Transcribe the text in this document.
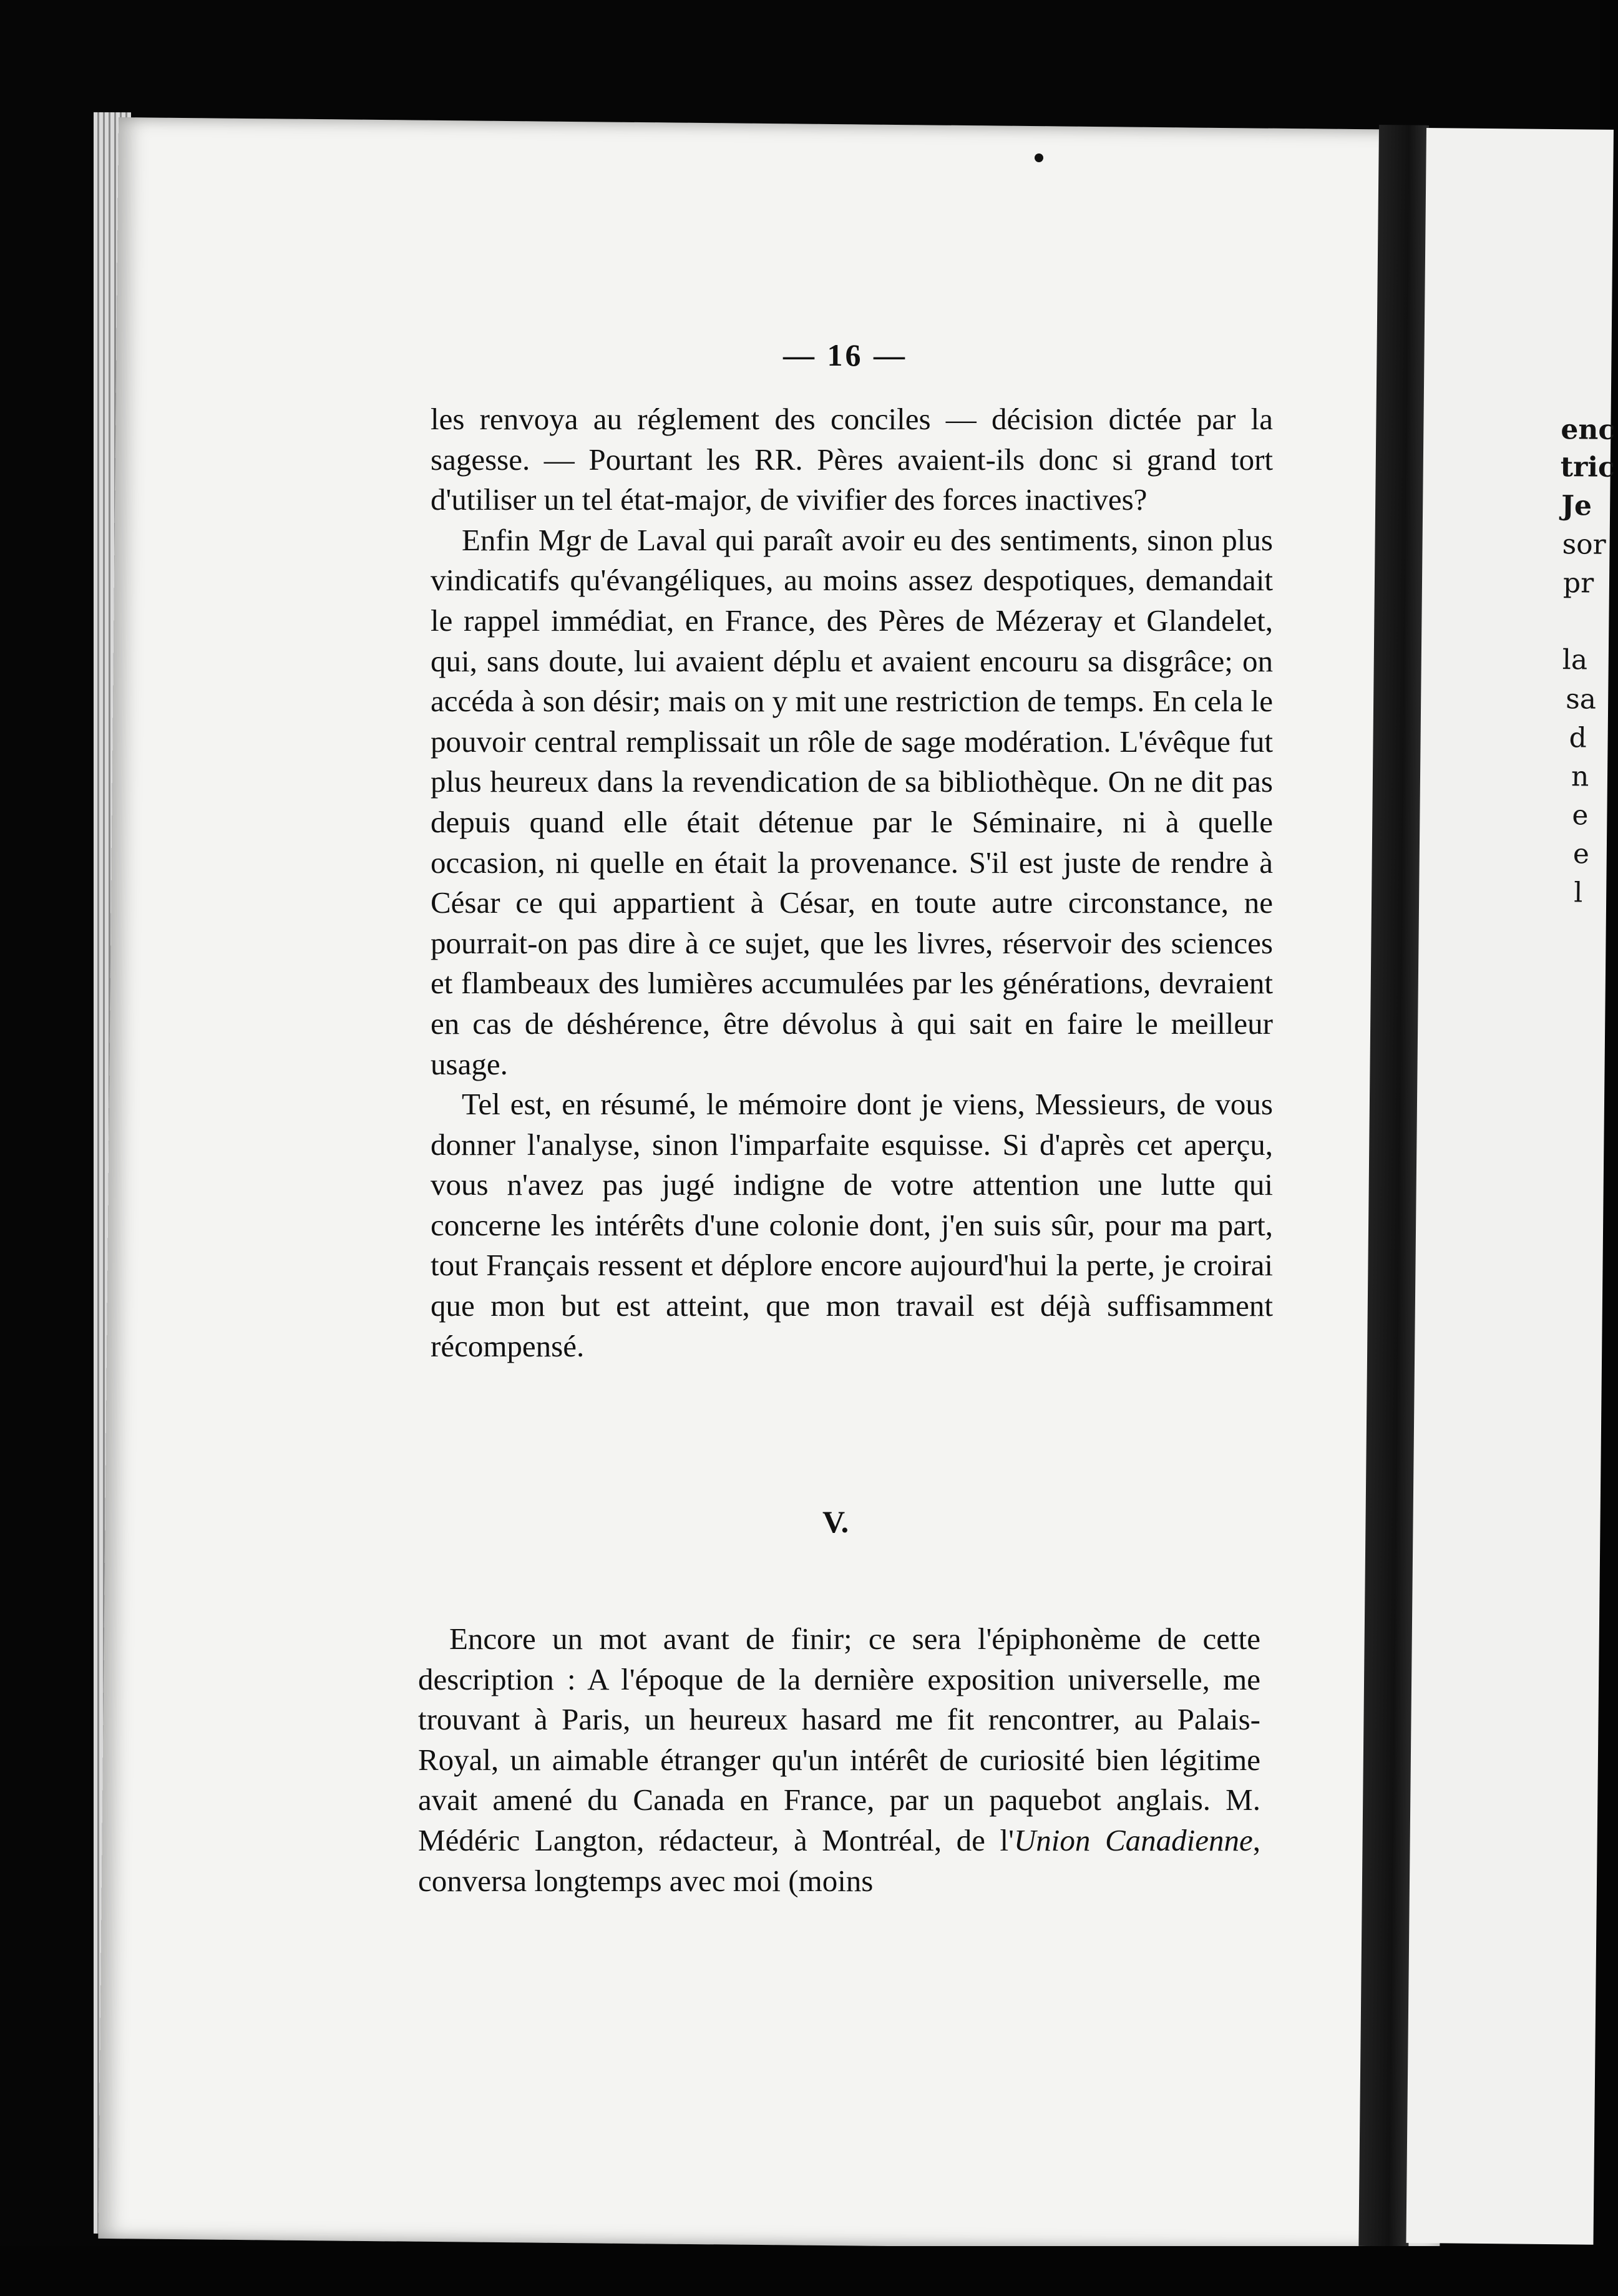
enc
tric
Je
sor
pr
la
sa
d
n
e
e
l
— 16 —

les renvoya au réglement des conciles — décision dictée par la sagesse. — Pourtant les RR. Pères avaient-ils donc si grand tort d'utiliser un tel état-major, de vivifier des forces inactives?

Enfin Mgr de Laval qui paraît avoir eu des sentiments, sinon plus vindicatifs qu'évangéliques, au moins assez despotiques, demandait le rappel immédiat, en France, des Pères de Mézeray et Glandelet, qui, sans doute, lui avaient déplu et avaient encouru sa disgrâce; on accéda à son désir; mais on y mit une restriction de temps. En cela le pouvoir central remplissait un rôle de sage modération. L'évêque fut plus heureux dans la revendication de sa bibliothèque. On ne dit pas depuis quand elle était détenue par le Séminaire, ni à quelle occasion, ni quelle en était la provenance. S'il est juste de rendre à César ce qui appartient à César, en toute autre circonstance, ne pourrait-on pas dire à ce sujet, que les livres, réservoir des sciences et flambeaux des lumières accumulées par les générations, devraient en cas de déshérence, être dévolus à qui sait en faire le meilleur usage.

Tel est, en résumé, le mémoire dont je viens, Messieurs, de vous donner l'analyse, sinon l'imparfaite esquisse. Si d'après cet aperçu, vous n'avez pas jugé indigne de votre attention une lutte qui concerne les intérêts d'une colonie dont, j'en suis sûr, pour ma part, tout Français ressent et déplore encore aujourd'hui la perte, je croirai que mon but est atteint, que mon travail est déjà suffisamment récompensé.

V.

Encore un mot avant de finir; ce sera l'épiphonème de cette description : A l'époque de la dernière exposition universelle, me trouvant à Paris, un heureux hasard me fit rencontrer, au Palais-Royal, un aimable étranger qu'un intérêt de curiosité bien légitime avait amené du Canada en France, par un paquebot anglais. M. Médéric Langton, rédacteur, à Montréal, de l'Union Canadienne, conversa longtemps avec moi (moins
